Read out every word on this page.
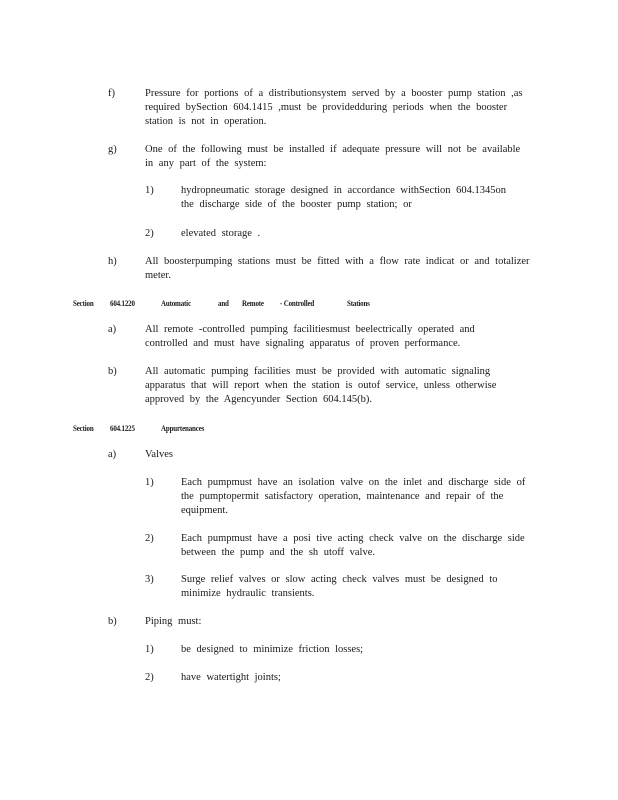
f)	Pressure for portions of a distributionsystem served by a booster pump station ,as
required bySection 604.1415 ,must be providedduring periods when the booster
station is not in operation.
g)	One of the following must be installed if adequate pressure will not be available
in any part of the system:
1)	hydropneumatic storage designed in accordance withSection 604.1345on
the discharge side of the booster pump station; or
2)	elevated storage .
h)	All boosterpumping stations must be fitted with a flow rate indicat or and totalizer
meter.
Section 604.1220	Automatic	and Remote - Controlled	Stations
a)	All remote -controlled pumping facilitiesmust beelectrically operated and
controlled and must have signaling apparatus of proven performance.
b)	All automatic pumping facilities must be provided with automatic signaling
apparatus that will report when the station is outof service, unless otherwise
approved by the Agencyunder Section 604.145(b).
Section 604.1225	Appurtenances
a)	Valves
1)	Each pumpmust have an isolation valve on the inlet and discharge side of
the pumptopermit satisfactory operation, maintenance and repair of the
equipment.
2)	Each pumpmust have a posi tive acting check valve on the discharge side
between the pump and the sh utoff valve.
3)	Surge relief valves or slow acting check valves must be designed to
minimize hydraulic transients.
b)	Piping must:
1)	be designed to minimize friction losses;
2)	have watertight joints;
